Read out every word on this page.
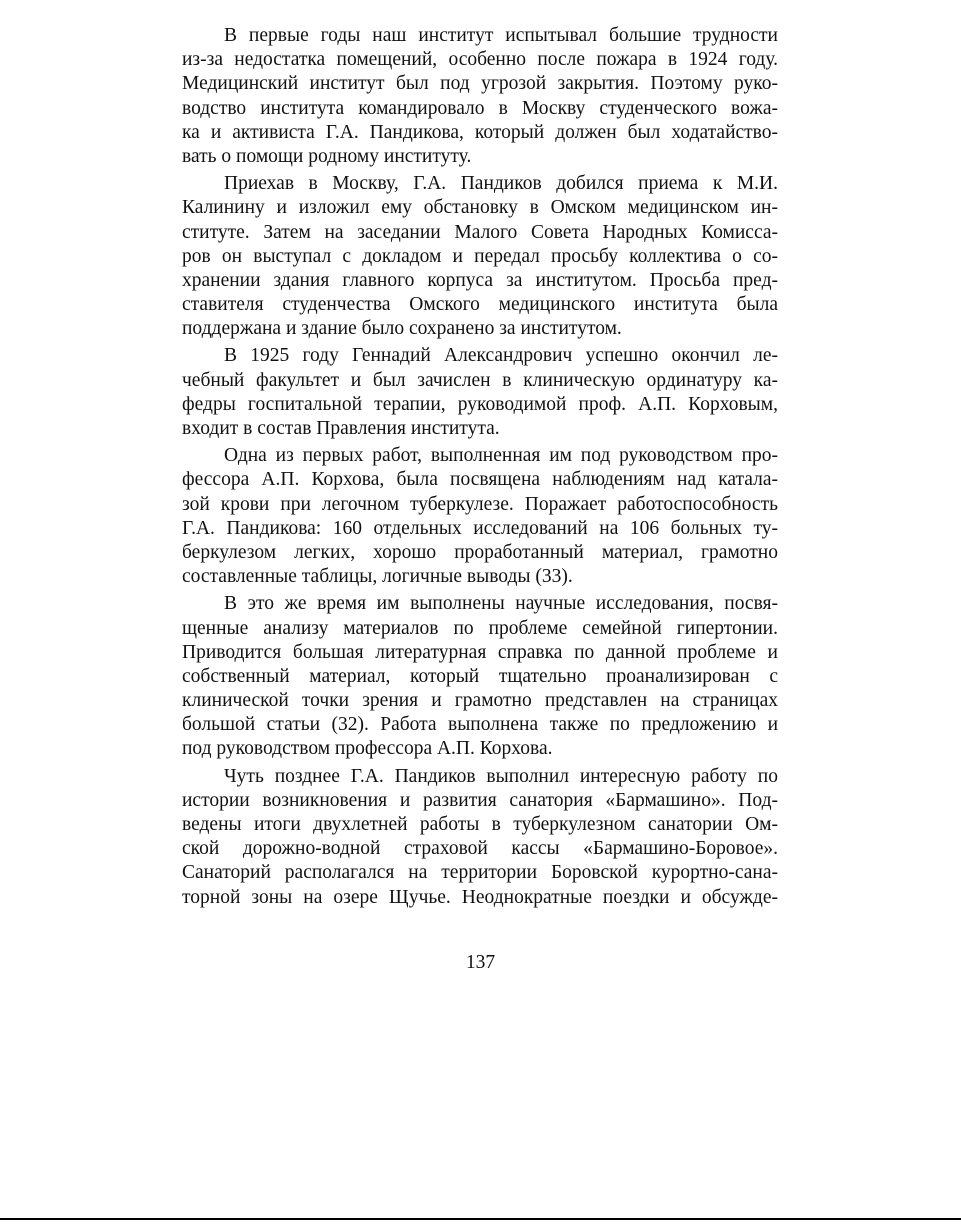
В первые годы наш институт испытывал большие трудности
из-за недостатка помещений, особенно после пожара в 1924 году.
Медицинский институт был под угрозой закрытия. Поэтому руко-
водство института командировало в Москву студенческого вожа-
ка и активиста Г.А. Пандикова, который должен был ходатайство-
вать о помощи родному институту.
Приехав в Москву, Г.А. Пандиков добился приема к М.И.
Калинину и изложил ему обстановку в Омском медицинском ин-
ституте. Затем на заседании Малого Совета Народных Комисса-
ров он выступал с докладом и передал просьбу коллектива о со-
хранении здания главного корпуса за институтом. Просьба пред-
ставителя студенчества Омского медицинского института была
поддержана и здание было сохранено за институтом.
В 1925 году Геннадий Александрович успешно окончил ле-
чебный факультет и был зачислен в клиническую ординатуру ка-
федры госпитальной терапии, руководимой проф. А.П. Корховым,
входит в состав Правления института.
Одна из первых работ, выполненная им под руководством про-
фессора А.П. Корхова, была посвящена наблюдениям над катала-
зой крови при легочном туберкулезе. Поражает работоспособность
Г.А. Пандикова: 160 отдельных исследований на 106 больных ту-
беркулезом легких, хорошо проработанный материал, грамотно
составленные таблицы, логичные выводы (33).
В это же время им выполнены научные исследования, посвя-
щенные анализу материалов по проблеме семейной гипертонии.
Приводится большая литературная справка по данной проблеме и
собственный материал, который тщательно проанализирован с
клинической точки зрения и грамотно представлен на страницах
большой статьи (32). Работа выполнена также по предложению и
под руководством профессора А.П. Корхова.
Чуть позднее Г.А. Пандиков выполнил интересную работу по
истории возникновения и развития санатория «Бармашино». Под-
ведены итоги двухлетней работы в туберкулезном санатории Ом-
ской дорожно-водной страховой кассы «Бармашино-Боровое».
Санаторий располагался на территории Боровской курортно-сана-
торной зоны на озере Щучье. Неоднократные поездки и обсужде-
137
